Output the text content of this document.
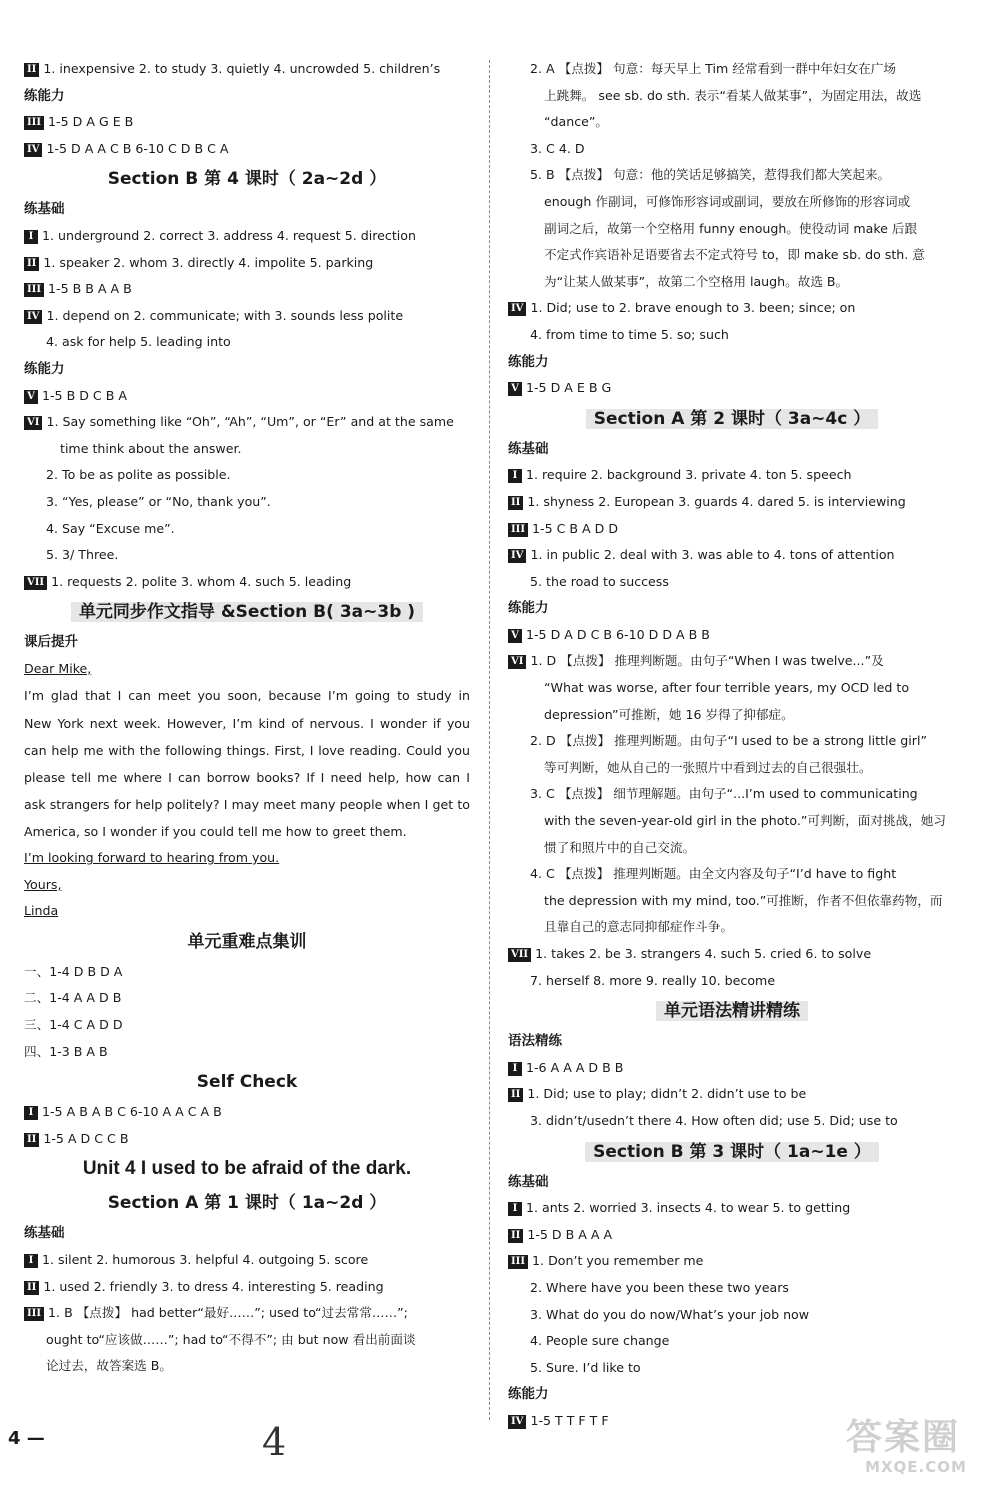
II 1. inexpensive 2. to study 3. quietly 4. uncrowded 5. children’s
练能力
III 1-5 D A G E B
IV 1-5 D A A C B 6-10 C D B C A
Section B 第 4 课时（ 2a~2d ）
练基础
I 1. underground 2. correct 3. address 4. request 5. direction
II 1. speaker 2. whom 3. directly 4. impolite 5. parking
III 1-5 B B A A B
IV 1. depend on 2. communicate; with 3. sounds less polite
4. ask for help 5. leading into
练能力
V 1-5 B D C B A
VI 1. Say something like “Oh”, “Ah”, “Um”, or “Er” and at the same
time think about the answer.
2. To be as polite as possible.
3. “Yes, please” or “No, thank you”.
4. Say “Excuse me”.
5. 3/ Three.
VII 1. requests 2. polite 3. whom 4. such 5. leading
单元同步作文指导 &Section B( 3a~3b )
课后提升
Dear Mike,
I’m glad that I can meet you soon, because I’m going to study in
New York next week. However, I’m kind of nervous. I wonder if you
can help me with the following things. First, I love reading. Could you
please tell me where I can borrow books? If I need help, how can I
ask strangers for help politely? I may meet many people when I get to
America, so I wonder if you could tell me how to greet them.
I’m looking forward to hearing from you.
Yours,
Linda
单元重难点集训
一、1-4 D B D A
二、1-4 A A D B
三、1-4 C A D D
四、1-3 B A B
Self Check
I 1-5 A B A B C 6-10 A A C A B
II 1-5 A D C C B
Unit 4 I used to be afraid of the dark.
Section A 第 1 课时（ 1a~2d ）
练基础
I 1. silent 2. humorous 3. helpful 4. outgoing 5. score
II 1. used 2. friendly 3. to dress 4. interesting 5. reading
III 1. B 【点拨】 had better“最好……”; used to“过去常常……”;
ought to“应该做……”; had to“不得不”; 由 but now 看出前面谈
论过去，故答案选 B。
2. A 【点拨】 句意：每天早上 Tim 经常看到一群中年妇女在广场
上跳舞。 see sb. do sth. 表示“看某人做某事”，为固定用法，故选
“dance”。
3. C 4. D
5. B 【点拨】 句意：他的笑话足够搞笑，惹得我们都大笑起来。
enough 作副词，可修饰形容词或副词，要放在所修饰的形容词或
副词之后，故第一个空格用 funny enough。使役动词 make 后跟
不定式作宾语补足语要省去不定式符号 to，即 make sb. do sth. 意
为“让某人做某事”，故第二个空格用 laugh。故选 B。
IV 1. Did; use to 2. brave enough to 3. been; since; on
4. from time to time 5. so; such
练能力
V 1-5 D A E B G
Section A 第 2 课时（ 3a~4c ）
练基础
I 1. require 2. background 3. private 4. ton 5. speech
II 1. shyness 2. European 3. guards 4. dared 5. is interviewing
III 1-5 C B A D D
IV 1. in public 2. deal with 3. was able to 4. tons of attention
5. the road to success
练能力
V 1-5 D A D C B 6-10 D D A B B
VI 1. D 【点拨】 推理判断题。由句子“When I was twelve...”及
“What was worse, after four terrible years, my OCD led to
depression”可推断，她 16 岁得了抑郁症。
2. D 【点拨】 推理判断题。由句子“I used to be a strong little girl”
等可判断，她从自己的一张照片中看到过去的自己很强壮。
3. C 【点拨】 细节理解题。由句子“...I’m used to communicating
with the seven-year-old girl in the photo.”可判断，面对挑战，她习
惯了和照片中的自己交流。
4. C 【点拨】 推理判断题。由全文内容及句子“I’d have to fight
the depression with my mind, too.”可推断，作者不但依靠药物，而
且靠自己的意志同抑郁症作斗争。
VII 1. takes 2. be 3. strangers 4. such 5. cried 6. to solve
7. herself 8. more 9. really 10. become
单元语法精讲精练
语法精练
I 1-6 A A A D B B
II 1. Did; use to play; didn’t 2. didn’t use to be
3. didn’t/usedn’t there 4. How often did; use 5. Did; use to
Section B 第 3 课时（ 1a~1e ）
练基础
I 1. ants 2. worried 3. insects 4. to wear 5. to getting
II 1-5 D B A A A
III 1. Don’t you remember me
2. Where have you been these two years
3. What do you do now/What’s your job now
4. People sure change
5. Sure. I’d like to
练能力
IV 1-5 T T F T F
4 —	4	答案圈
MXQE.COM
